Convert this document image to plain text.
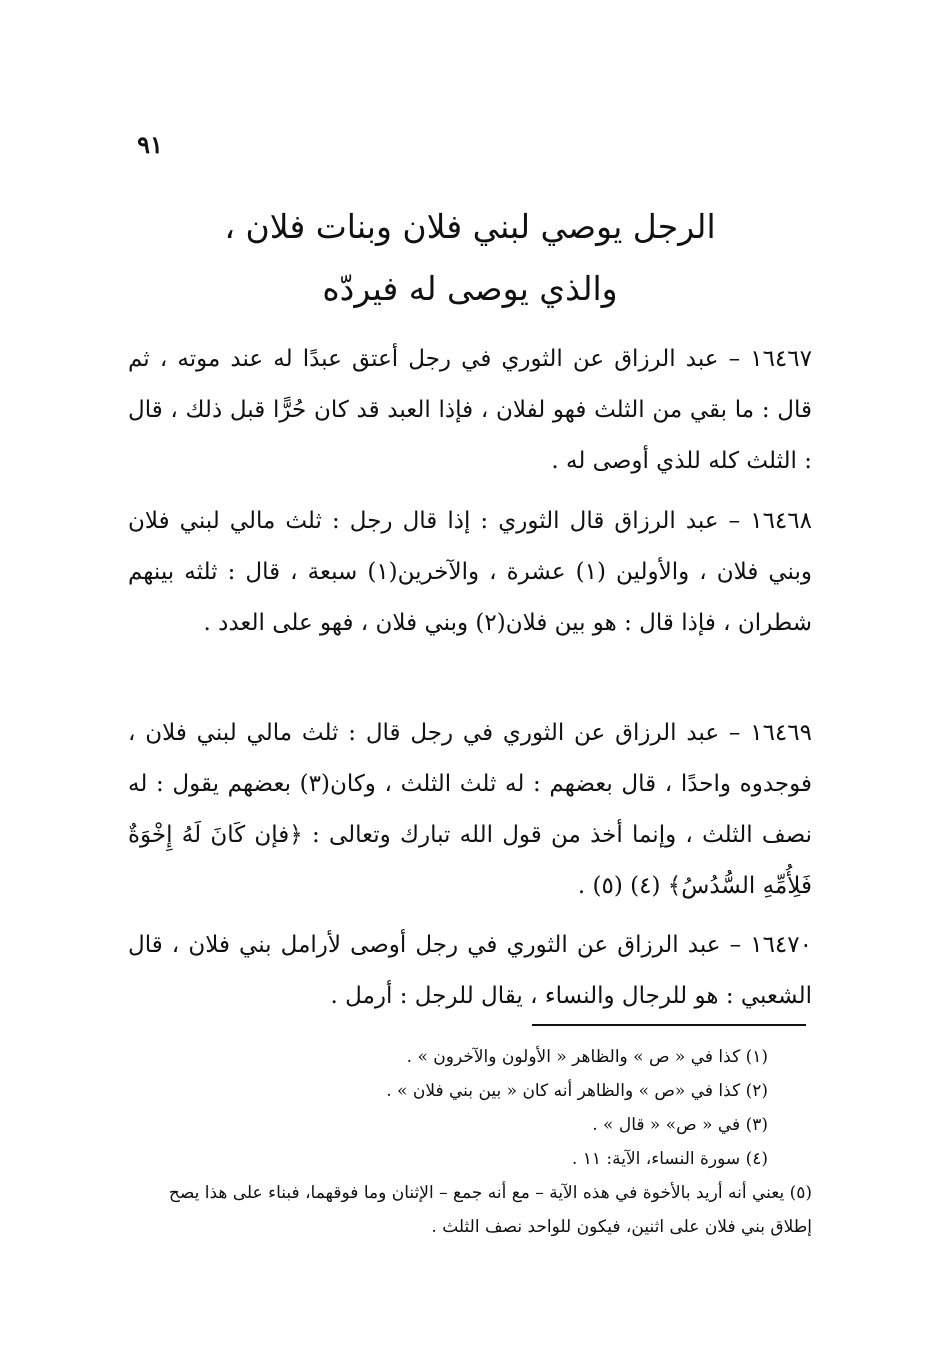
٩١
الرجل يوصي لبني فلان وبنات فلان ،
والذي يوصى له فيردّه

١٦٤٦٧ – عبد الرزاق عن الثوري في رجل أعتق عبدًا له عند موته ، ثم قال : ما بقي من الثلث فهو لفلان ، فإذا العبد قد كان حُرًّا قبل ذلك ، قال : الثلث كله للذي أوصى له .

١٦٤٦٨ – عبد الرزاق قال الثوري : إذا قال رجل : ثلث مالي لبني فلان وبني فلان ، والأولين (١) عشرة ، والآخرين(١) سبعة ، قال : ثلثه بينهم شطران ، فإذا قال : هو بين فلان(٢) وبني فلان ، فهو على العدد .

١٦٤٦٩ – عبد الرزاق عن الثوري في رجل قال : ثلث مالي لبني فلان ، فوجدوه واحدًا ، قال بعضهم : له ثلث الثلث ، وكان(٣) بعضهم يقول : له نصف الثلث ، وإنما أخذ من قول الله تبارك وتعالى : ﴿فإن كَانَ لَهُ إِخْوَةٌ فَلِأُمِّهِ السُّدُسُ﴾ (٤) (٥) .

١٦٤٧٠ – عبد الرزاق عن الثوري في رجل أوصى لأرامل بني فلان ، قال الشعبي : هو للرجال والنساء ، يقال للرجل : أرمل .

(١) كذا في « ص » والظاهر « الأولون والآخرون » .

(٢) كذا في «ص » والظاهر أنه كان « بين بني فلان » .

(٣) في « ص» « قال » .

(٤) سورة النساء، الآية: ١١ .

(٥) يعني أنه أريد بالأخوة في هذه الآية – مع أنه جمع – الإثنان وما فوقهما، فبناء على هذا يصح إطلاق بني فلان على اثنين، فيكون للواحد نصف الثلث .
